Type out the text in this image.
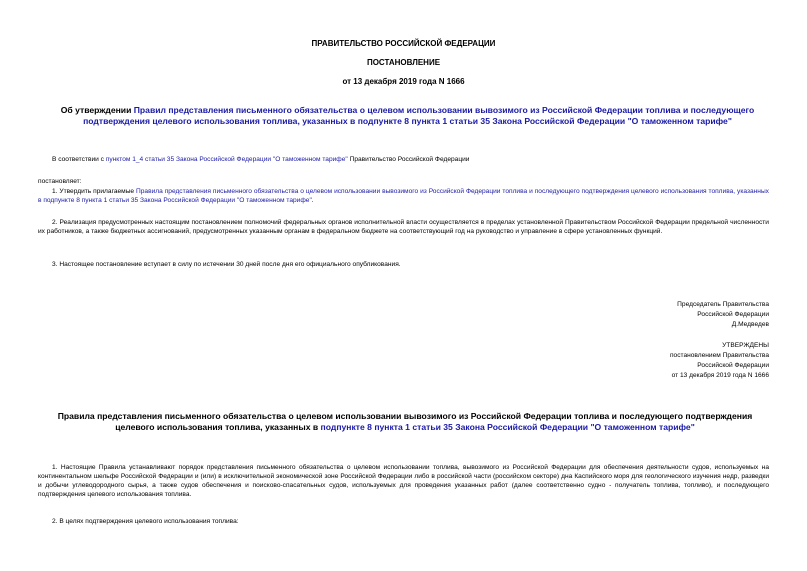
ПРАВИТЕЛЬСТВО РОССИЙСКОЙ ФЕДЕРАЦИИ
ПОСТАНОВЛЕНИЕ
от 13 декабря 2019 года N 1666
Об утверждении Правил представления письменного обязательства о целевом использовании вывозимого из Российской Федерации топлива и последующего подтверждения целевого использования топлива, указанных в подпункте 8 пункта 1 статьи 35 Закона Российской Федерации "О таможенном тарифе"
В соответствии с пунктом 1_4 статьи 35 Закона Российской Федерации "О таможенном тарифе" Правительство Российской Федерации
постановляет:
1. Утвердить прилагаемые Правила представления письменного обязательства о целевом использовании вывозимого из Российской Федерации топлива и последующего подтверждения целевого использования топлива, указанных в подпункте 8 пункта 1 статьи 35 Закона Российской Федерации "О таможенном тарифе".
2. Реализация предусмотренных настоящим постановлением полномочий федеральных органов исполнительной власти осуществляется в пределах установленной Правительством Российской Федерации предельной численности их работников, а также бюджетных ассигнований, предусмотренных указанным органам в федеральном бюджете на соответствующий год на руководство и управление в сфере установленных функций.
3. Настоящее постановление вступает в силу по истечении 30 дней после дня его официального опубликования.
Председатель Правительства
Российской Федерации
Д.Медведев
УТВЕРЖДЕНЫ
постановлением Правительства
Российской Федерации
от 13 декабря 2019 года N 1666
Правила представления письменного обязательства о целевом использовании вывозимого из Российской Федерации топлива и последующего подтверждения целевого использования топлива, указанных в подпункте 8 пункта 1 статьи 35 Закона Российской Федерации "О таможенном тарифе"
1. Настоящие Правила устанавливают порядок представления письменного обязательства о целевом использовании топлива, вывозимого из Российской Федерации для обеспечения деятельности судов, используемых на континентальном шельфе Российской Федерации и (или) в исключительной экономической зоне Российской Федерации либо в российской части (российском секторе) дна Каспийского моря для геологического изучения недр, разведки и добычи углеводородного сырья, а также судов обеспечения и поисково-спасательных судов, используемых для проведения указанных работ (далее соответственно судно - получатель топлива, топливо), и последующего подтверждения целевого использования топлива.
2. В целях подтверждения целевого использования топлива:
